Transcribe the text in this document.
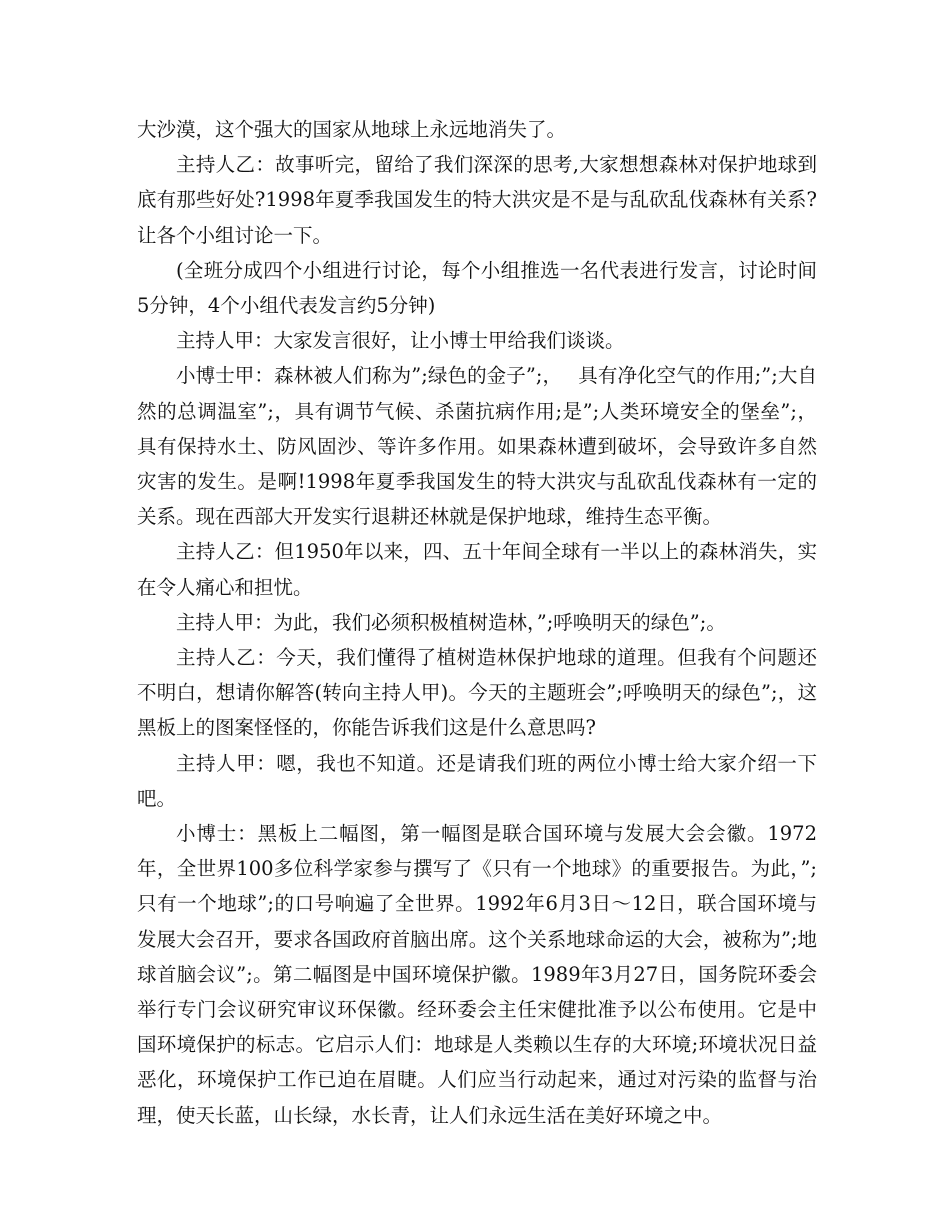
大沙漠，这个强大的国家从地球上永远地消失了。

主持人乙：故事听完，留给了我们深深的思考,大家想想森林对保护地球到底有那些好处?1998年夏季我国发生的特大洪灾是不是与乱砍乱伐森林有关系?让各个小组讨论一下。

(全班分成四个小组进行讨论，每个小组推选一名代表进行发言，讨论时间5分钟，4个小组代表发言约5分钟)

主持人甲：大家发言很好，让小博士甲给我们谈谈。

小博士甲：森林被人们称为”;绿色的金子”;，　 具有净化空气的作用;”;大自然的总调温室”;，具有调节气候、杀菌抗病作用;是”;人类环境安全的堡垒”;，具有保持水土、防风固沙、等许多作用。如果森林遭到破坏，会导致许多自然灾害的发生。是啊!1998年夏季我国发生的特大洪灾与乱砍乱伐森林有一定的关系。现在西部大开发实行退耕还林就是保护地球，维持生态平衡。

主持人乙：但1950年以来，四、五十年间全球有一半以上的森林消失，实在令人痛心和担忧。

主持人甲：为此，我们必须积极植树造林，”;呼唤明天的绿色”;。

主持人乙：今天，我们懂得了植树造林保护地球的道理。但我有个问题还不明白，想请你解答(转向主持人甲)。今天的主题班会”;呼唤明天的绿色”;，这黑板上的图案怪怪的，你能告诉我们这是什么意思吗?

主持人甲：嗯，我也不知道。还是请我们班的两位小博士给大家介绍一下吧。

小博士：黑板上二幅图，第一幅图是联合国环境与发展大会会徽。1972年，全世界100多位科学家参与撰写了《只有一个地球》的重要报告。为此，”;只有一个地球”;的口号响遍了全世界。1992年6月3日～12日，联合国环境与发展大会召开，要求各国政府首脑出席。这个关系地球命运的大会，被称为”;地球首脑会议”;。第二幅图是中国环境保护徽。1989年3月27日，国务院环委会举行专门会议研究审议环保徽。经环委会主任宋健批准予以公布使用。它是中国环境保护的标志。它启示人们：地球是人类赖以生存的大环境;环境状况日益恶化，环境保护工作已迫在眉睫。人们应当行动起来，通过对污染的监督与治理，使天长蓝，山长绿，水长青，让人们永远生活在美好环境之中。
